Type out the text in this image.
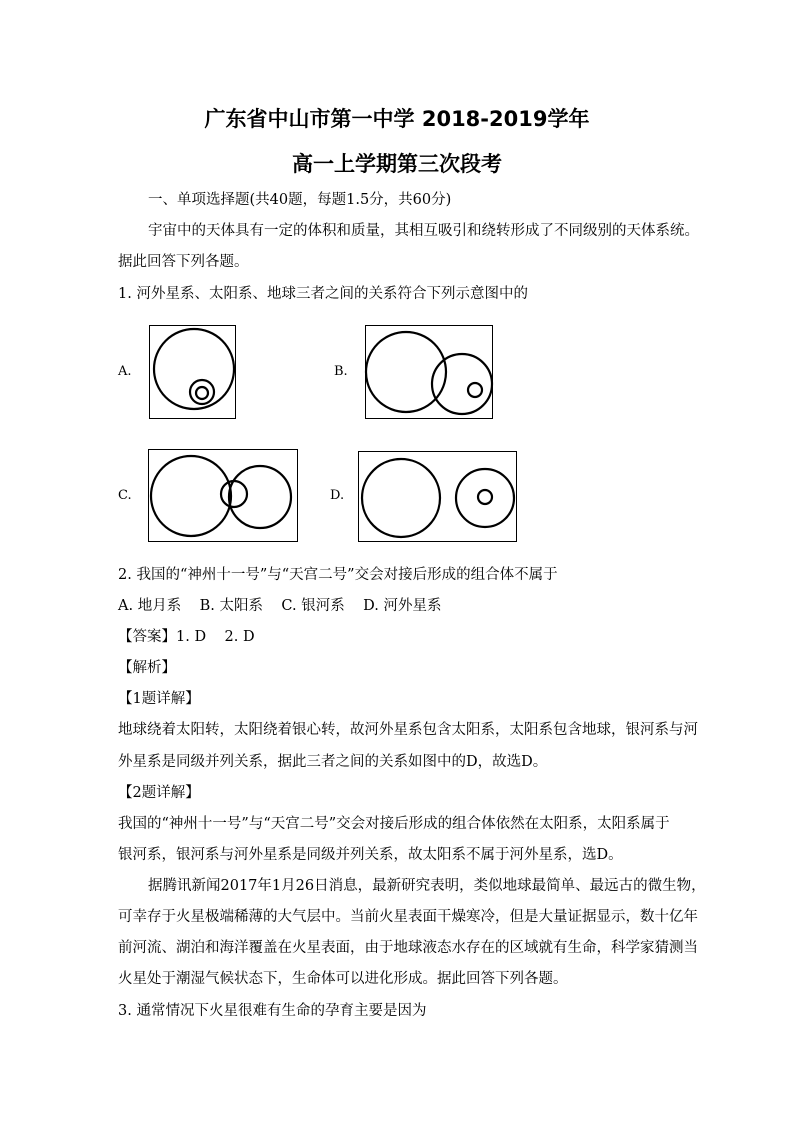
广东省中山市第一中学 2018-2019学年
高一上学期第三次段考
一、单项选择题(共40题，每题1.5分，共60分)
宇宙中的天体具有一定的体积和质量，其相互吸引和绕转形成了不同级别的天体系统。
据此回答下列各题。
1. 河外星系、太阳系、地球三者之间的关系符合下列示意图中的
A.	B.
C.	D.
2. 我国的“神州十一号”与“天宫二号”交会对接后形成的组合体不属于
A. 地月系    B. 太阳系    C. 银河系    D. 河外星系
【答案】1. D    2. D
【解析】
【1题详解】
地球绕着太阳转，太阳绕着银心转，故河外星系包含太阳系，太阳系包含地球，银河系与河
外星系是同级并列关系，据此三者之间的关系如图中的D，故选D。
【2题详解】
我国的“神州十一号”与“天宫二号”交会对接后形成的组合体依然在太阳系，太阳系属于
银河系，银河系与河外星系是同级并列关系，故太阳系不属于河外星系，选D。
据腾讯新闻2017年1月26日消息，最新研究表明，类似地球最简单、最远古的微生物，
可幸存于火星极端稀薄的大气层中。当前火星表面干燥寒冷，但是大量证据显示，数十亿年
前河流、湖泊和海洋覆盖在火星表面，由于地球液态水存在的区域就有生命，科学家猜测当
火星处于潮湿气候状态下，生命体可以进化形成。据此回答下列各题。
3. 通常情况下火星很难有生命的孕育主要是因为
